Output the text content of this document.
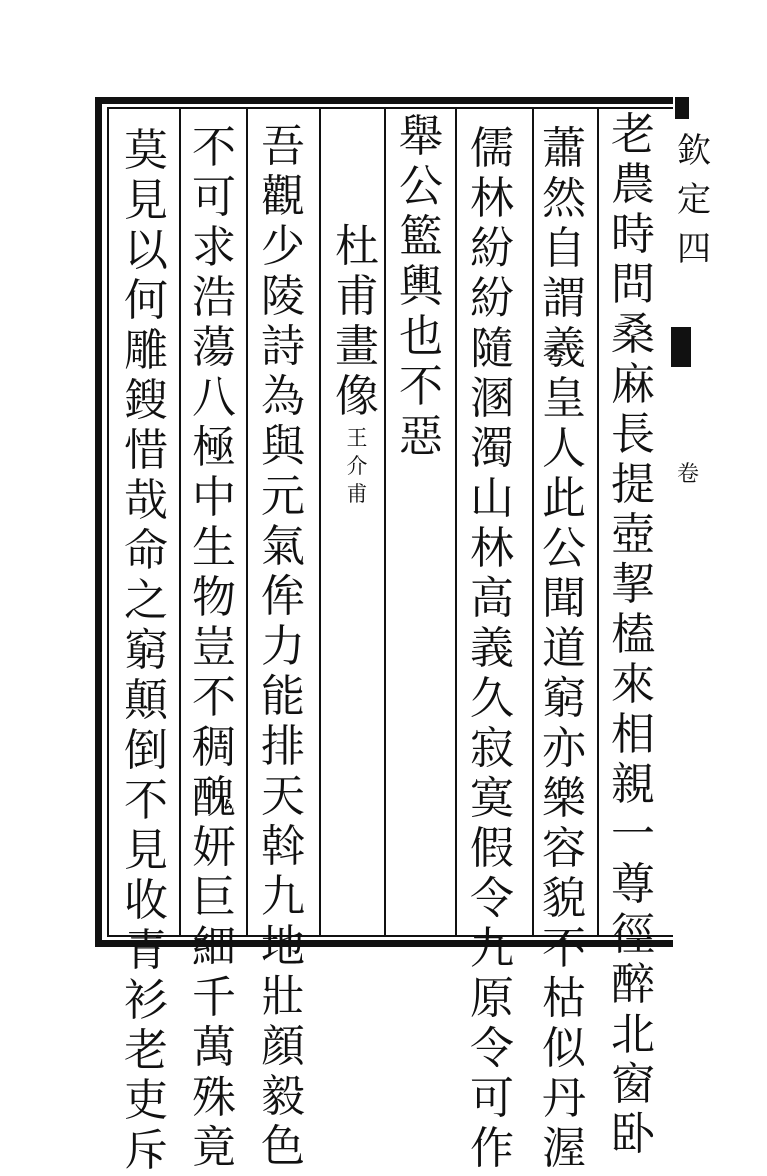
老
農
時
問
桑
麻
長
提
壺
挈
榼
來
相
親
一
尊
徑
醉
北
窗
卧
蕭
然
自
謂
羲
皇
人
此
公
聞
道
窮
亦
樂
容
貌
不
枯
似
丹
渥
儒
林
紛
紛
隨
溷
濁
山
林
高
義
久
寂
寞
假
令
九
原
令
可
作
舉
公
籃
輿
也
不
惡
杜
甫
畫
像
王
介
甫
吾
觀
少
陵
詩
為
與
元
氣
侔
力
能
排
天
斡
九
地
壯
顔
毅
色
不
可
求
浩
蕩
八
極
中
生
物
豈
不
稠
醜
妍
巨
細
千
萬
殊
竟
莫
見
以
何
雕
鎪
惜
哉
命
之
窮
顛
倒
不
見
收
青
衫
老
吏
斥
欽定四
卷
